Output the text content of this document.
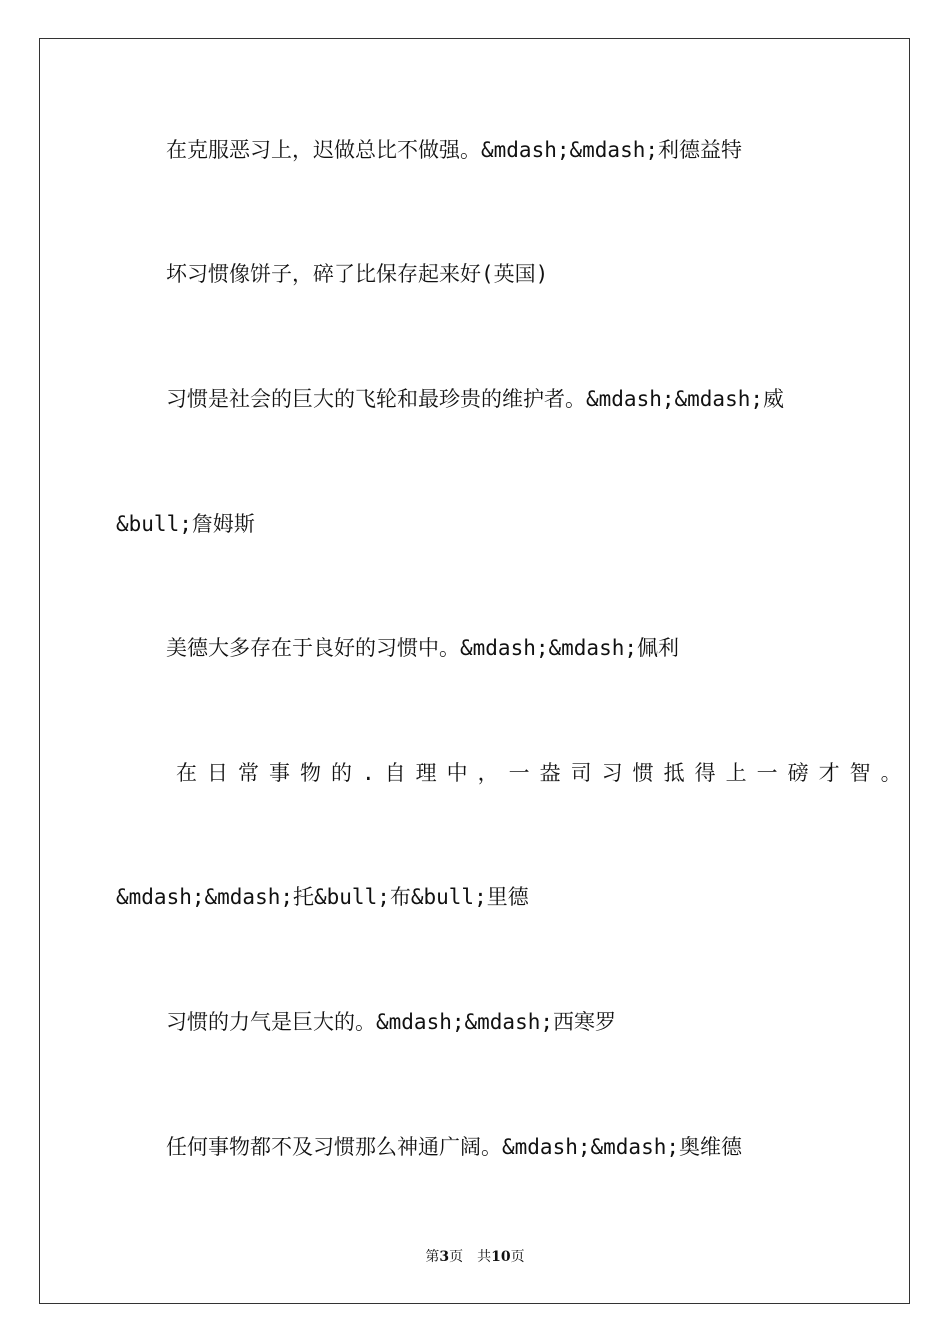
在克服恶习上，迟做总比不做强。&mdash;&mdash;利德益特

坏习惯像饼子，碎了比保存起来好(英国)

习惯是社会的巨大的飞轮和最珍贵的维护者。&mdash;&mdash;威

&bull;詹姆斯

美德大多存在于良好的习惯中。&mdash;&mdash;佩利

在日常事物的.自理中，一盎司习惯抵得上一磅才智。

&mdash;&mdash;托&bull;布&bull;里德

习惯的力气是巨大的。&mdash;&mdash;西寒罗

任何事物都不及习惯那么神通广阔。&mdash;&mdash;奥维德

第3页 共10页
